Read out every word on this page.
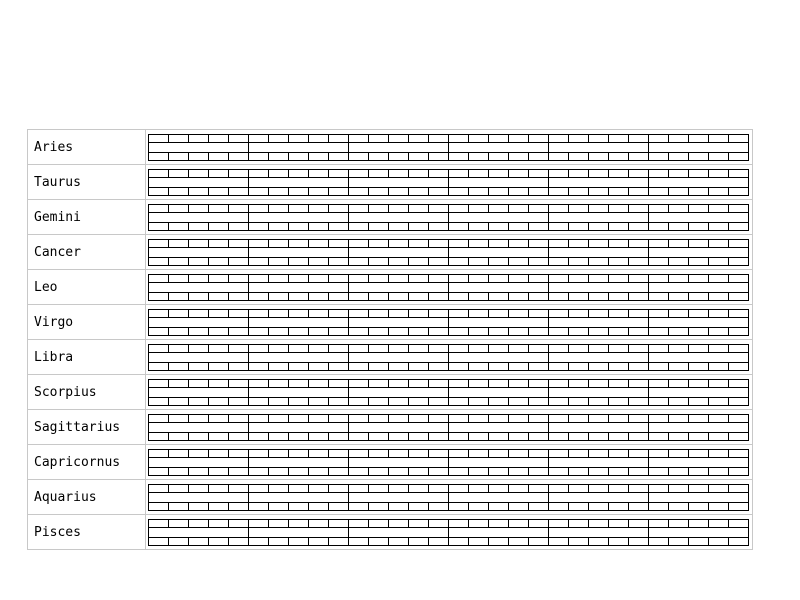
Aries	

Taurus	

Gemini	

Cancer	

Leo	

Virgo	

Libra	

Scorpius	

Sagittarius	

Capricornus	

Aquarius	

Pisces	
